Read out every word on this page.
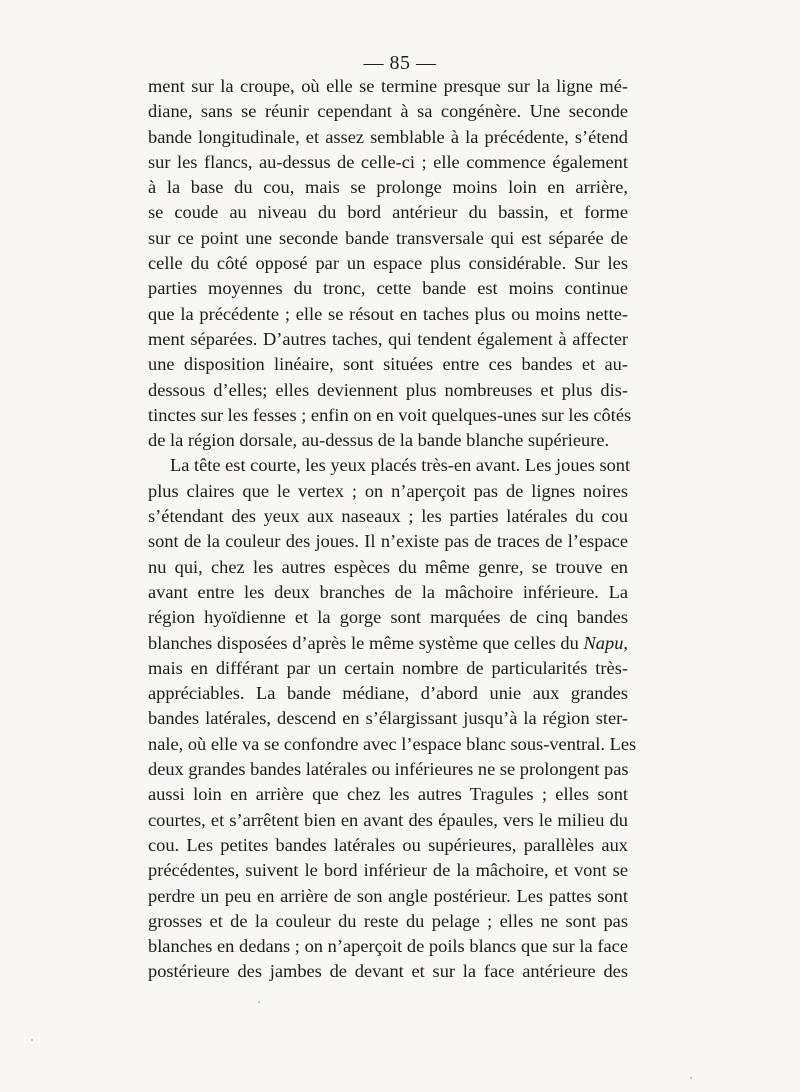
— 85 —
ment sur la croupe, où elle se termine presque sur la ligne mé-
diane, sans se réunir cependant à sa congénère. Une seconde
bande longitudinale, et assez semblable à la précédente, s’étend
sur les flancs, au-dessus de celle-ci ; elle commence également
à la base du cou, mais se prolonge moins loin en arrière,
se coude au niveau du bord antérieur du bassin, et forme
sur ce point une seconde bande transversale qui est séparée de
celle du côté opposé par un espace plus considérable. Sur les
parties moyennes du tronc, cette bande est moins continue
que la précédente ; elle se résout en taches plus ou moins nette-
ment séparées. D’autres taches, qui tendent également à affecter
une disposition linéaire, sont situées entre ces bandes et au-
dessous d’elles; elles deviennent plus nombreuses et plus dis-
tinctes sur les fesses ; enfin on en voit quelques-unes sur les côtés
de la région dorsale, au-dessus de la bande blanche supérieure.
La tête est courte, les yeux placés très-en avant. Les joues sont
plus claires que le vertex ; on n’aperçoit pas de lignes noires
s’étendant des yeux aux naseaux ; les parties latérales du cou
sont de la couleur des joues. Il n’existe pas de traces de l’espace
nu qui, chez les autres espèces du même genre, se trouve en
avant entre les deux branches de la mâchoire inférieure. La
région hyoïdienne et la gorge sont marquées de cinq bandes
blanches disposées d’après le même système que celles du Napu,
mais en différant par un certain nombre de particularités très-
appréciables. La bande médiane, d’abord unie aux grandes
bandes latérales, descend en s’élargissant jusqu’à la région ster-
nale, où elle va se confondre avec l’espace blanc sous-ventral. Les
deux grandes bandes latérales ou inférieures ne se prolongent pas
aussi loin en arrière que chez les autres Tragules ; elles sont
courtes, et s’arrêtent bien en avant des épaules, vers le milieu du
cou. Les petites bandes latérales ou supérieures, parallèles aux
précédentes, suivent le bord inférieur de la mâchoire, et vont se
perdre un peu en arrière de son angle postérieur. Les pattes sont
grosses et de la couleur du reste du pelage ; elles ne sont pas
blanches en dedans ; on n’aperçoit de poils blancs que sur la face
postérieure des jambes de devant et sur la face antérieure des
